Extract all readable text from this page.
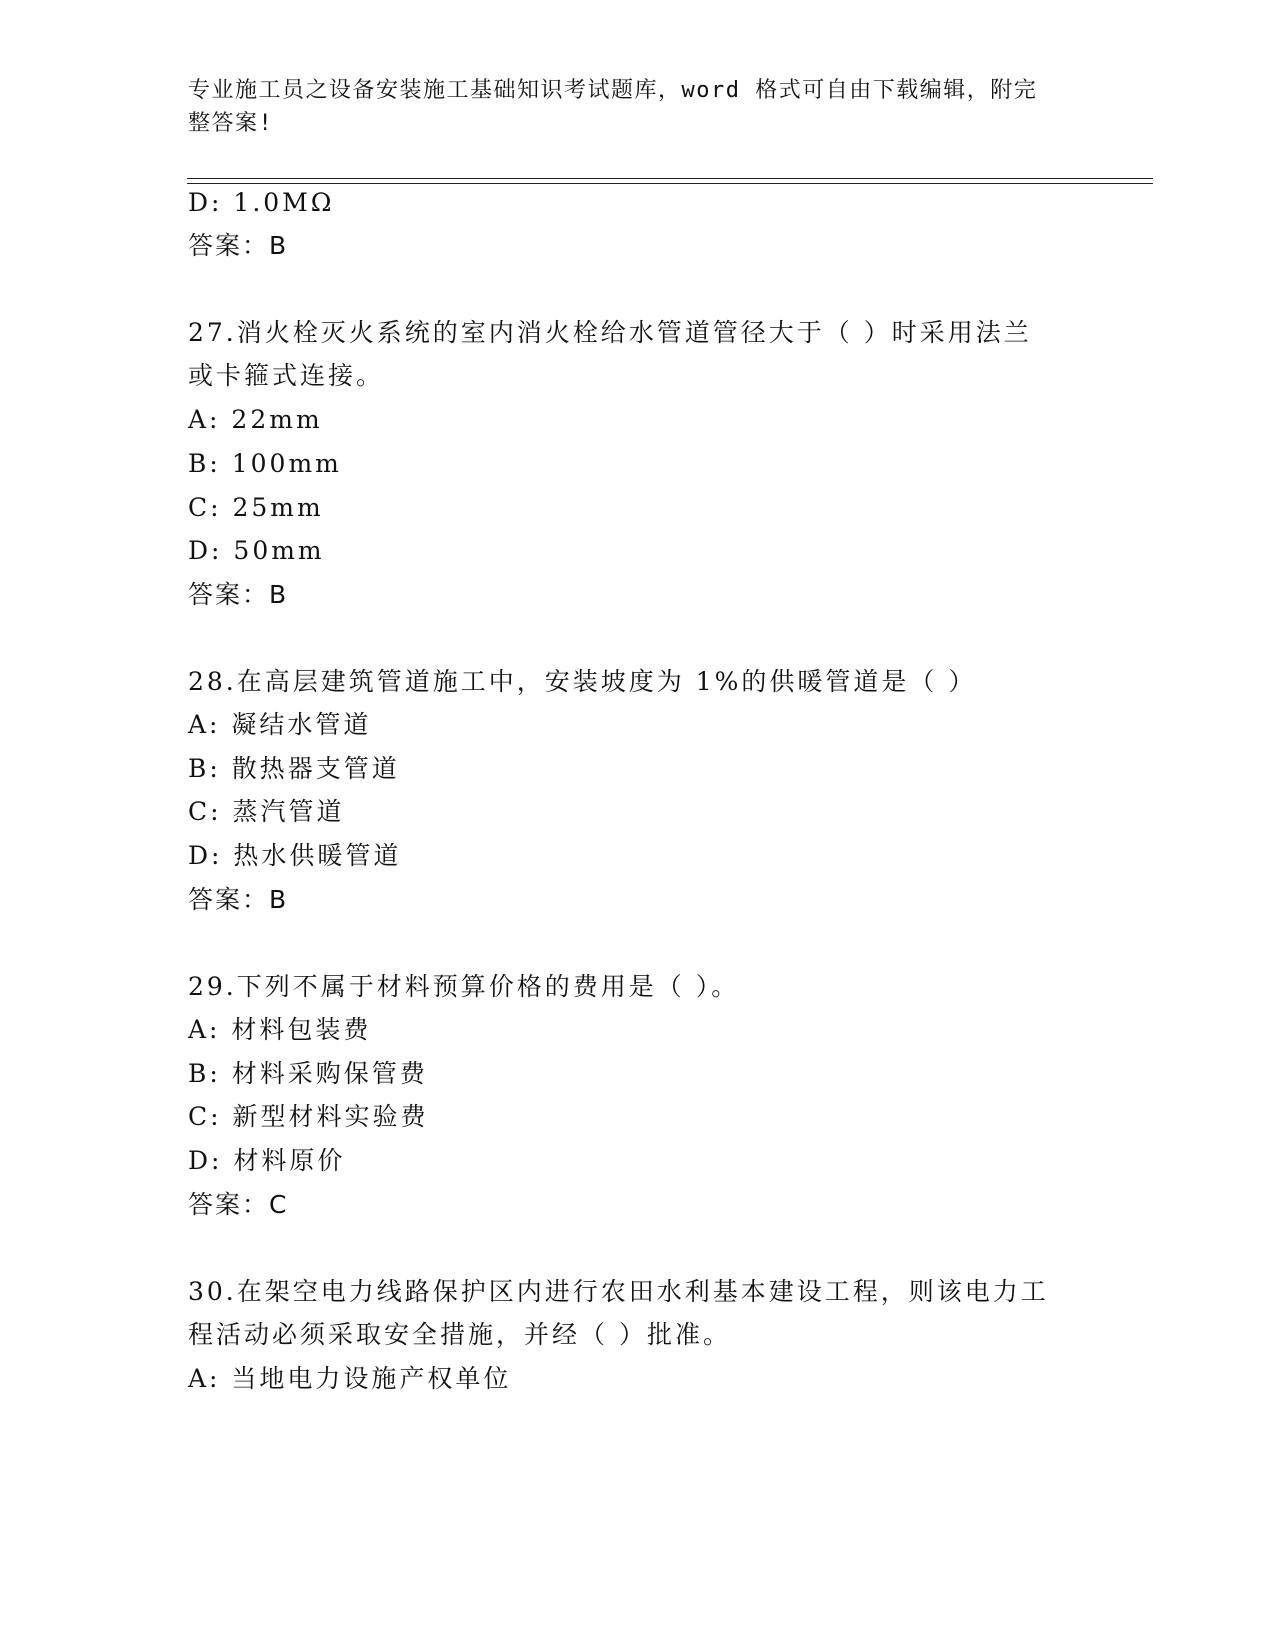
专业施工员之设备安装施工基础知识考试题库，word 格式可自由下载编辑，附完
整答案!
D: 1.0MΩ
答案：B
27.消火栓灭火系统的室内消火栓给水管道管径大于（ ）时采用法兰
或卡箍式连接。
A: 22mm
B: 100mm
C: 25mm
D: 50mm
答案：B
28.在高层建筑管道施工中，安装坡度为 1%的供暖管道是（ ）
A: 凝结水管道
B: 散热器支管道
C: 蒸汽管道
D: 热水供暖管道
答案：B
29.下列不属于材料预算价格的费用是（ ）。
A: 材料包装费
B: 材料采购保管费
C: 新型材料实验费
D: 材料原价
答案：C
30.在架空电力线路保护区内进行农田水利基本建设工程，则该电力工
程活动必须采取安全措施，并经（ ）批准。
A: 当地电力设施产权单位
